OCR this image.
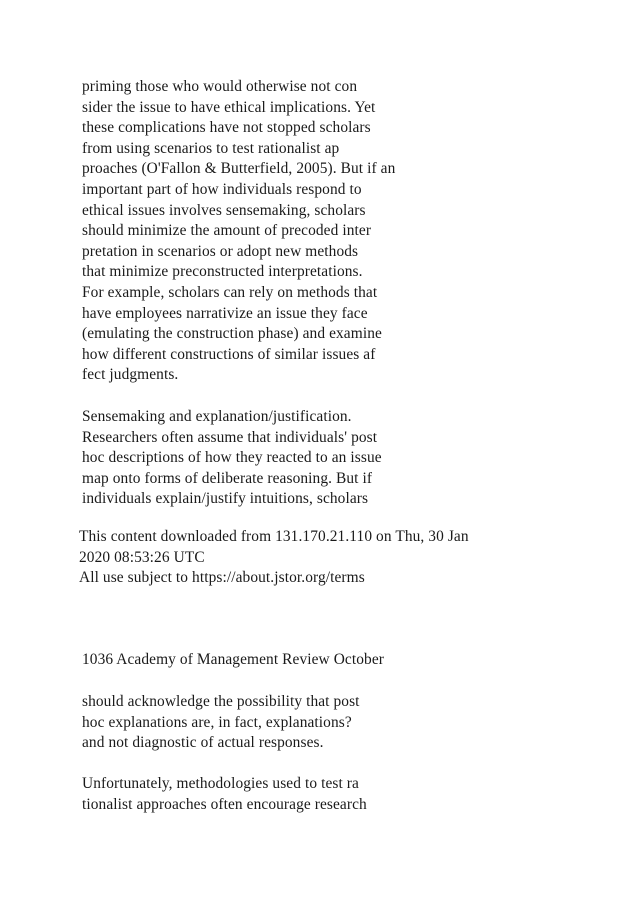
priming those who would otherwise not con
sider the issue to have ethical implications. Yet
these complications have not stopped scholars
from using scenarios to test rationalist ap
proaches (O'Fallon & Butterfield, 2005). But if an
important part of how individuals respond to
ethical issues involves sensemaking, scholars
should minimize the amount of precoded inter
pretation in scenarios or adopt new methods
that minimize preconstructed interpretations.
For example, scholars can rely on methods that
have employees narrativize an issue they face
(emulating the construction phase) and examine
how different constructions of similar issues af
fect judgments.
Sensemaking and explanation/justification.
Researchers often assume that individuals' post
hoc descriptions of how they reacted to an issue
map onto forms of deliberate reasoning. But if
individuals explain/justify intuitions, scholars
This content downloaded from 131.170.21.110 on Thu, 30 Jan
2020 08:53:26 UTC
All use subject to https://about.jstor.org/terms
1036 Academy of Management Review October
should acknowledge the possibility that post
hoc explanations are, in fact, explanations?
and not diagnostic of actual responses.
Unfortunately, methodologies used to test ra
tionalist approaches often encourage research
